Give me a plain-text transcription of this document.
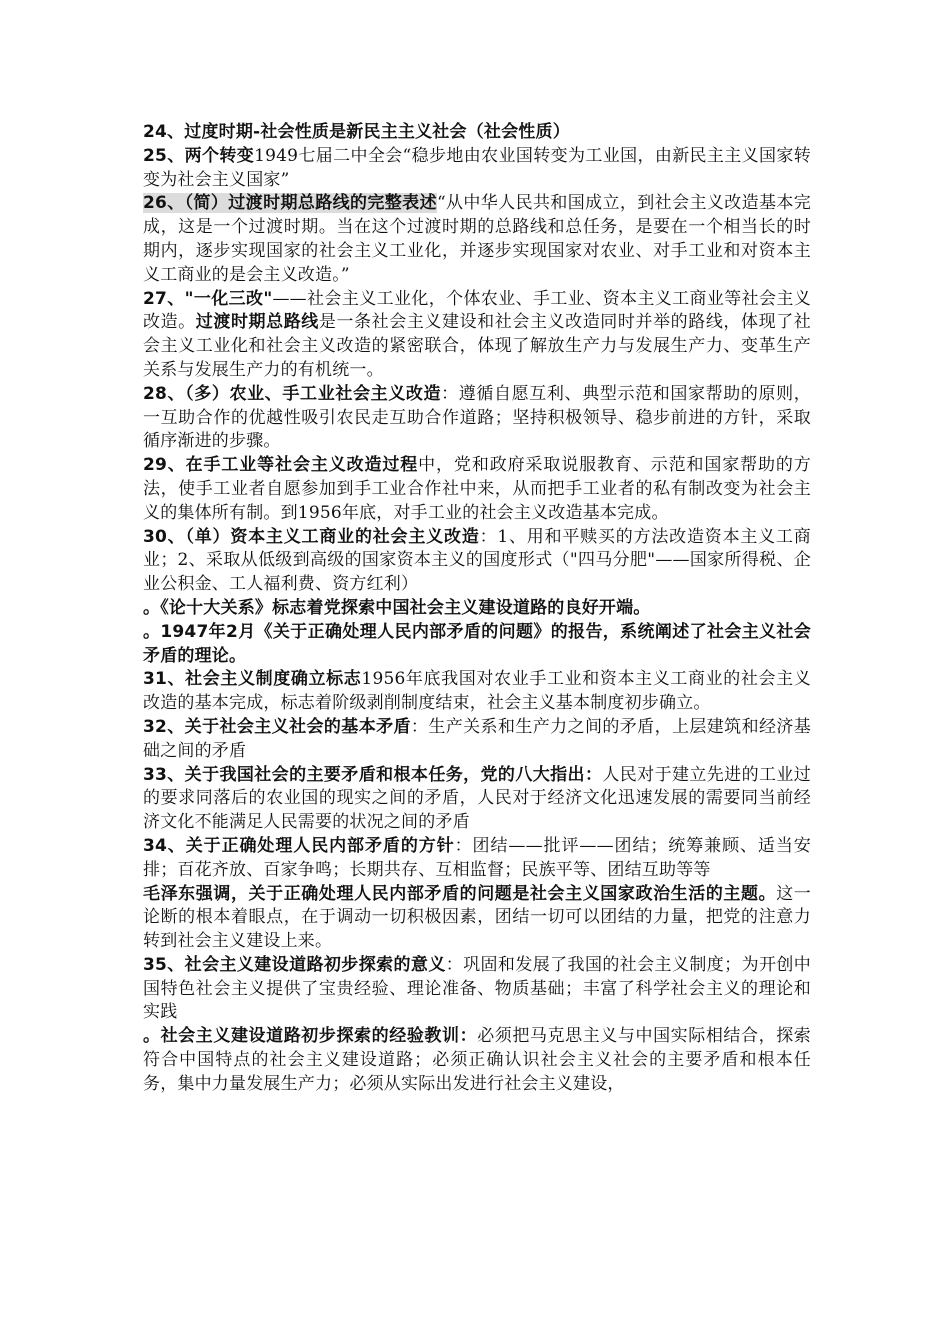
24、过度时期-社会性质是新民主主义社会（社会性质）

25、两个转变1949七届二中全会“稳步地由农业国转变为工业国，由新民主主义国家转变为社会主义国家”

26、（简）过渡时期总路线的完整表述“从中华人民共和国成立，到社会主义改造基本完成，这是一个过渡时期。当在这个过渡时期的总路线和总任务，是要在一个相当长的时期内，逐步实现国家的社会主义工业化，并逐步实现国家对农业、对手工业和对资本主义工商业的是会主义改造。”

27、"一化三改"——社会主义工业化，个体农业、手工业、资本主义工商业等社会主义改造。过渡时期总路线是一条社会主义建设和社会主义改造同时并举的路线，体现了社会主义工业化和社会主义改造的紧密联合，体现了解放生产力与发展生产力、变革生产关系与发展生产力的有机统一。

28、（多）农业、手工业社会主义改造：遵循自愿互利、典型示范和国家帮助的原则，一互助合作的优越性吸引农民走互助合作道路；坚持积极领导、稳步前进的方针，采取循序渐进的步骤。

29、在手工业等社会主义改造过程中，党和政府采取说服教育、示范和国家帮助的方法，使手工业者自愿参加到手工业合作社中来，从而把手工业者的私有制改变为社会主义的集体所有制。到1956年底，对手工业的社会主义改造基本完成。

30、（单）资本主义工商业的社会主义改造：1、用和平赎买的方法改造资本主义工商业；2、采取从低级到高级的国家资本主义的国度形式（"四马分肥"——国家所得税、企业公积金、工人福利费、资方红利）

。《论十大关系》标志着党探索中国社会主义建设道路的良好开端。

。1947年2月《关于正确处理人民内部矛盾的问题》的报告，系统阐述了社会主义社会矛盾的理论。

31、社会主义制度确立标志1956年底我国对农业手工业和资本主义工商业的社会主义改造的基本完成，标志着阶级剥削制度结束，社会主义基本制度初步确立。

32、关于社会主义社会的基本矛盾：生产关系和生产力之间的矛盾，上层建筑和经济基础之间的矛盾

33、关于我国社会的主要矛盾和根本任务，党的八大指出：人民对于建立先进的工业过的要求同落后的农业国的现实之间的矛盾，人民对于经济文化迅速发展的需要同当前经济文化不能满足人民需要的状况之间的矛盾

34、关于正确处理人民内部矛盾的方针：团结——批评——团结；统筹兼顾、适当安排；百花齐放、百家争鸣；长期共存、互相监督；民族平等、团结互助等等

毛泽东强调，关于正确处理人民内部矛盾的问题是社会主义国家政治生活的主题。这一论断的根本着眼点，在于调动一切积极因素，团结一切可以团结的力量，把党的注意力转到社会主义建设上来。

35、社会主义建设道路初步探索的意义：巩固和发展了我国的社会主义制度；为开创中国特色社会主义提供了宝贵经验、理论准备、物质基础；丰富了科学社会主义的理论和实践

。社会主义建设道路初步探索的经验教训：必须把马克思主义与中国实际相结合，探索符合中国特点的社会主义建设道路；必须正确认识社会主义社会的主要矛盾和根本任务，集中力量发展生产力；必须从实际出发进行社会主义建设，
